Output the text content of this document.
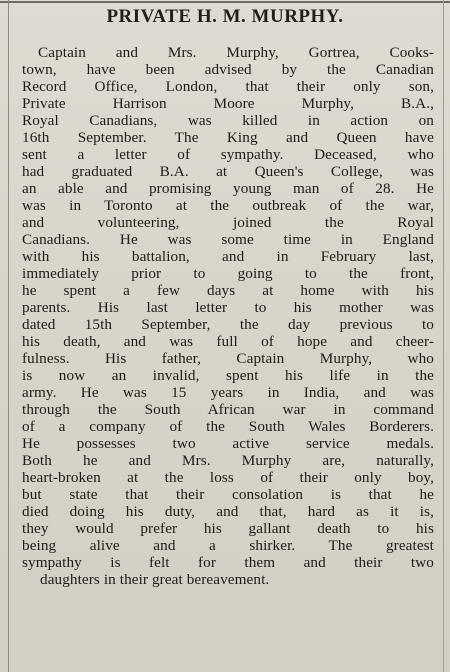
PRIVATE H. M. MURPHY.
Captain and Mrs. Murphy, Gortrea, Cooks-
town, have been advised by the Canadian
Record Office, London, that their only son,
Private Harrison Moore Murphy, B.A.,
Royal Canadians, was killed in action on
16th September. The King and Queen have
sent a letter of sympathy. Deceased, who
had graduated B.A. at Queen's College, was
an able and promising young man of 28. He
was in Toronto at the outbreak of the war,
and volunteering, joined the Royal
Canadians. He was some time in England
with his battalion, and in February last,
immediately prior to going to the front,
he spent a few days at home with his
parents. His last letter to his mother was
dated 15th September, the day previous to
his death, and was full of hope and cheer-
fulness. His father, Captain Murphy, who
is now an invalid, spent his life in the
army. He was 15 years in India, and was
through the South African war in command
of a company of the South Wales Borderers.
He possesses two active service medals.
Both he and Mrs. Murphy are, naturally,
heart-broken at the loss of their only boy,
but state that their consolation is that he
died doing his duty, and that, hard as it is,
they would prefer his gallant death to his
being alive and a shirker. The greatest
sympathy is felt for them and their two
daughters in their great bereavement.
